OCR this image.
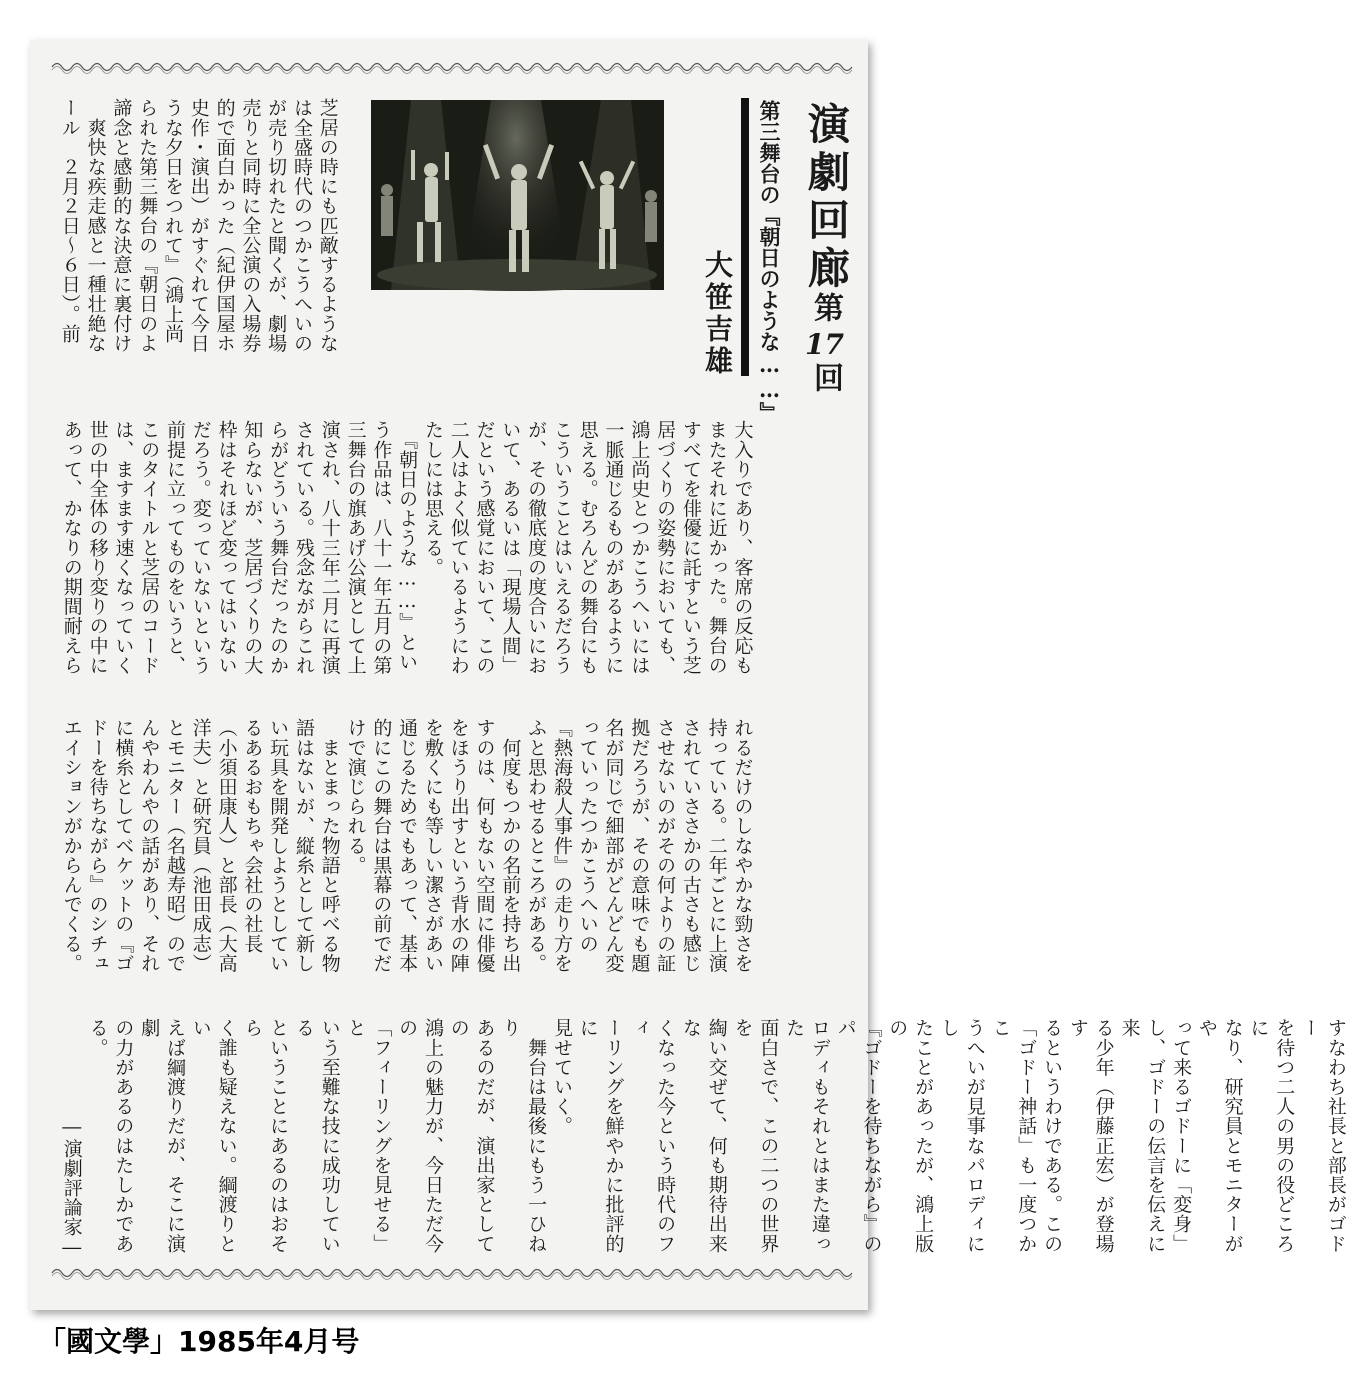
演劇回廊
第
17
回
第三舞台の『朝日のような……』
大笹吉雄
芝居の時にも匹敵するような
は全盛時代のつかこうへいの
が売り切れたと聞くが、劇場
売りと同時に全公演の入場券
的で面白かった（紀伊国屋ホ
史作・演出）がすぐれて今日
うな夕日をつれて』（鴻上尚
られた第三舞台の『朝日のよ
諦念と感動的な決意に裏付け
　爽快な疾走感と一種壮絶な
ール　２月２日〜６日）。前
大入りであり、客席の反応も
またそれに近かった。舞台の
すべてを俳優に託すという芝
居づくりの姿勢においても、
鴻上尚史とつかこうへいには
一脈通じるものがあるように
思える。むろんどの舞台にも
こういうことはいえるだろう
が、その徹底度の度合いにお
いて、あるいは「現場人間」
だという感覚において、この
二人はよく似ているようにわ
たしには思える。
　『朝日のような……』とい
う作品は、八十一年五月の第
三舞台の旗あげ公演として上
演され、八十三年二月に再演
されている。残念ながらこれ
らがどういう舞台だったのか
知らないが、芝居づくりの大
枠はそれほど変ってはいない
だろう。変っていないという
前提に立ってものをいうと、
このタイトルと芝居のコード
は、ますます速くなっていく
世の中全体の移り変りの中に
あって、かなりの期間耐えら
れるだけのしなやかな勁さを
持っている。二年ごとに上演
されていささかの古さも感じ
させないのがその何よりの証
拠だろうが、その意味でも題
名が同じで細部がどんどん変
っていったつかこうへいの
『熱海殺人事件』の走り方を
ふと思わせるところがある。
　何度もつかの名前を持ち出
すのは、何もない空間に俳優
をほうり出すという背水の陣
を敷くにも等しい潔さがあい
通じるためでもあって、基本
的にこの舞台は黒幕の前でだ
けで演じられる。
　まとまった物語と呼べる物
語はないが、縦糸として新し
い玩具を開発しようとしてい
るあるおもちゃ会社の社長
（小須田康人）と部長（大高
洋夫）と研究員（池田成志）
とモニター（名越寿昭）ので
んやわんやの話があり、それ
に横糸としてベケットの『ゴ
ドーを待ちながら』のシチュ
エイションがからんでくる。
すなわち社長と部長がゴドー
を待つ二人の男の役どころに
なり、研究員とモニターがや
って来るゴドーに「変身」
し、ゴドーの伝言を伝えに来
る少年（伊藤正宏）が登場す
るというわけである。この
「ゴドー神話」も一度つかこ
うへいが見事なパロディにし
たことがあったが、鴻上版の
『ゴドーを待ちながら』のパ
ロディもそれとはまた違った
面白さで、この二つの世界を
綯い交ぜて、何も期待出来な
くなった今という時代のフィ
ーリングを鮮やかに批評的に
見せていく。
　舞台は最後にもう一ひねり
あるのだが、演出家としての
鴻上の魅力が、今日ただ今の
「フィーリングを見せる」と
いう至難な技に成功している
ということにあるのはおそら
く誰も疑えない。綱渡りとい
えば綱渡りだが、そこに演劇
の力があるのはたしかであ
る。
　　　　　―演劇評論家―
「國文學」1985年4月号
